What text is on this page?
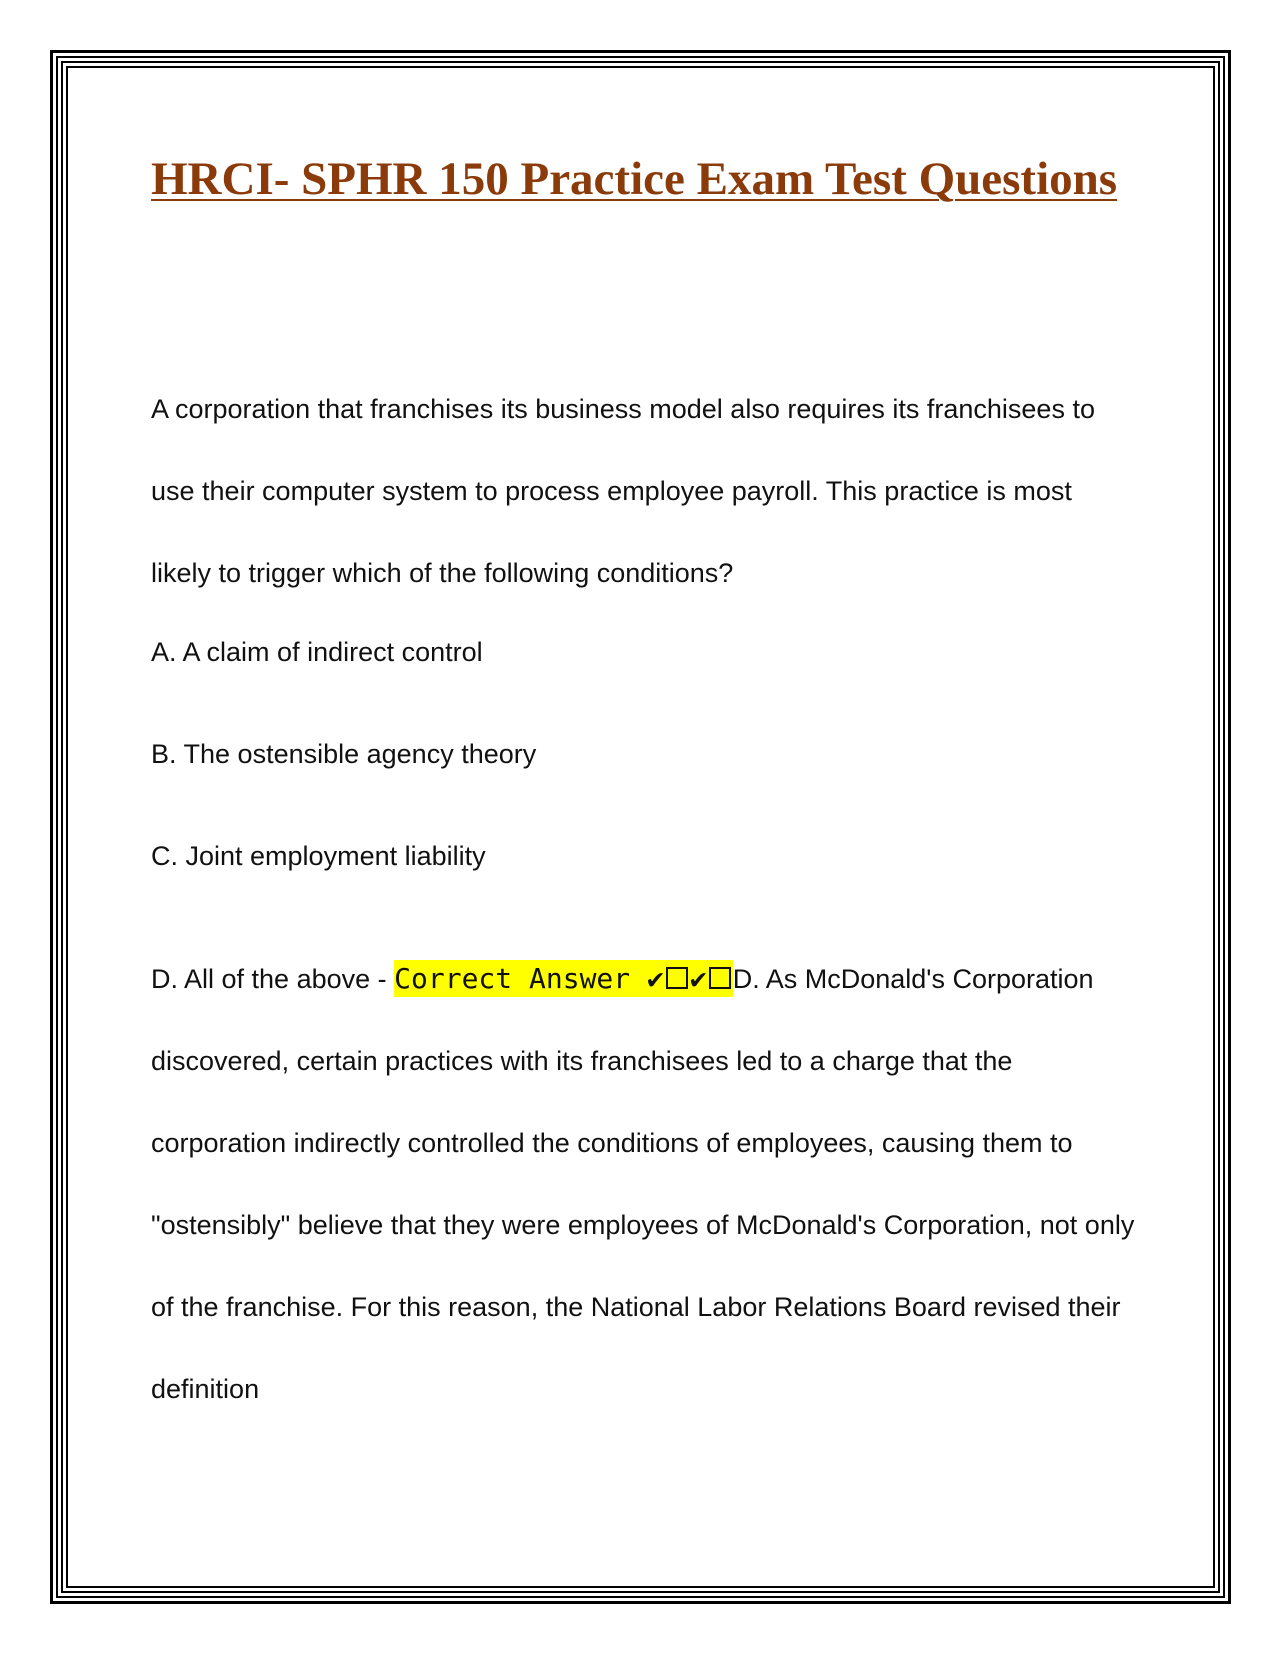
HRCI- SPHR 150 Practice Exam Test Questions

A corporation that franchises its business model also requires its franchisees to use their computer system to process employee payroll. This practice is most likely to trigger which of the following conditions?

A. A claim of indirect control

B. The ostensible agency theory

C. Joint employment liability

D. All of the above - Correct Answer ✔ ✔ D. As McDonald's Corporation discovered, certain practices with its franchisees led to a charge that the corporation indirectly controlled the conditions of employees, causing them to "ostensibly" believe that they were employees of McDonald's Corporation, not only of the franchise. For this reason, the National Labor Relations Board revised their definition
